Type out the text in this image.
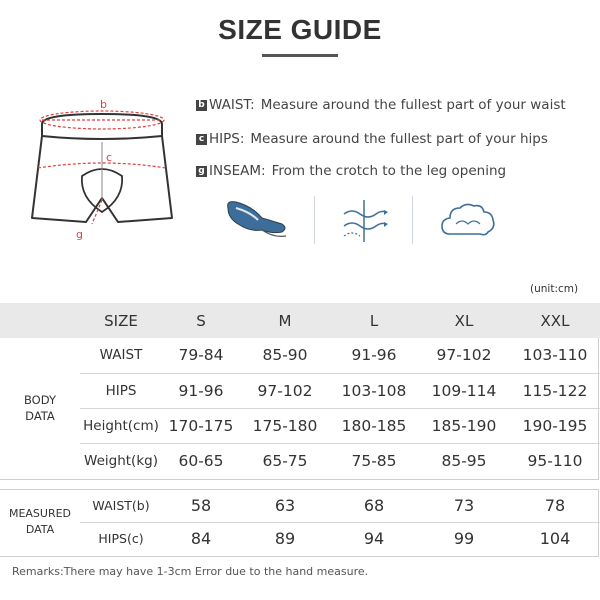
SIZE GUIDE
b
c
g
b WAIST: Measure around the fullest part of your waist
c HIPS: Measure around the fullest part of your hips
g INSEAM: From the crotch to the leg opening
(unit:cm)
	SIZE	S	M	L	XL	XXL
BODY
DATA	WAIST	79-84	85-90	91-96	97-102	103-110
	HIPS	91-96	97-102	103-108	109-114	115-122
	Height(cm)	170-175	175-180	180-185	185-190	190-195
	Weight(kg)	60-65	65-75	75-85	85-95	95-110
MEASURED
DATA	WAIST(b)	58	63	68	73	78
	HIPS(c)	84	89	94	99	104
Remarks:There may have 1-3cm Error due to the hand measure.
